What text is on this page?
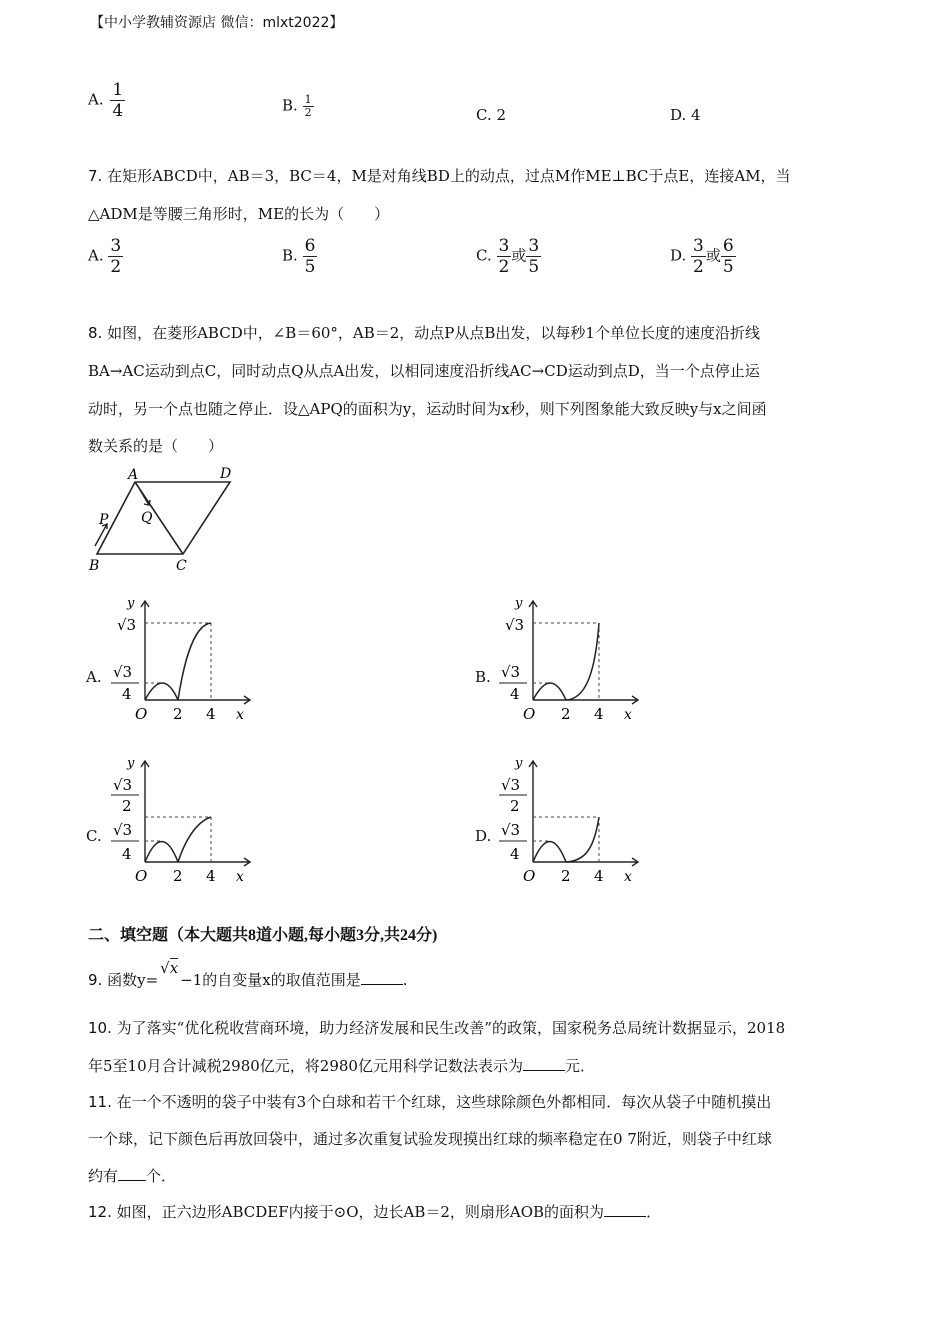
【中小学教辅资源店 微信：mlxt2022】
A. $\frac{1}{4}$	B. $\frac{1}{2}$	C. 2	D. 4
7. 在矩形ABCD中，AB＝3，BC＝4，M是对角线BD上的动点，过点M作ME⊥BC于点E，连接AM，当
△ADM是等腰三角形时，ME的长为（　　）
A. $\frac{3}{2}$	B. $\frac{6}{5}$	C. $\frac{3}{2}$ 或 $\frac{3}{5}$	D. $\frac{3}{2}$ 或 $\frac{6}{5}$
8. 如图，在菱形ABCD中，∠B＝60°，AB＝2，动点P从点B出发，以每秒1个单位长度的速度沿折线
BA→AC运动到点C，同时动点Q从点A出发，以相同速度沿折线AC→CD运动到点D，当一个点停止运
动时，另一个点也随之停止．设△APQ的面积为y，运动时间为x秒，则下列图象能大致反映y与x之间函
数关系的是（　　）
A	D
B	C
P Q
A.
y
√3
√3
4
O 2 4 x
B.
y
√3
√3
4
O 2 4 x
C.
y
√3
2
√3
4
O 2 4 x
D.
y
√3
2
√3
4
O 2 4 x
二、填空题（本大题共8道小题,每小题3分,共24分)
9. 函数y=√x−1的自变量x的取值范围是	.
10. 为了落实“优化税收营商环境，助力经济发展和民生改善”的政策，国家税务总局统计数据显示，2018
年5至10月合计减税2980亿元，将2980亿元用科学记数法表示为	元．
11. 在一个不透明的袋子中装有3个白球和若干个红球，这些球除颜色外都相同．每次从袋子中随机摸出
一个球，记下颜色后再放回袋中，通过多次重复试验发现摸出红球的频率稳定在0 7附近，则袋子中红球
约有 个．
12. 如图，正六边形ABCDEF内接于⊙O，边长AB＝2，则扇形AOB的面积为	．
